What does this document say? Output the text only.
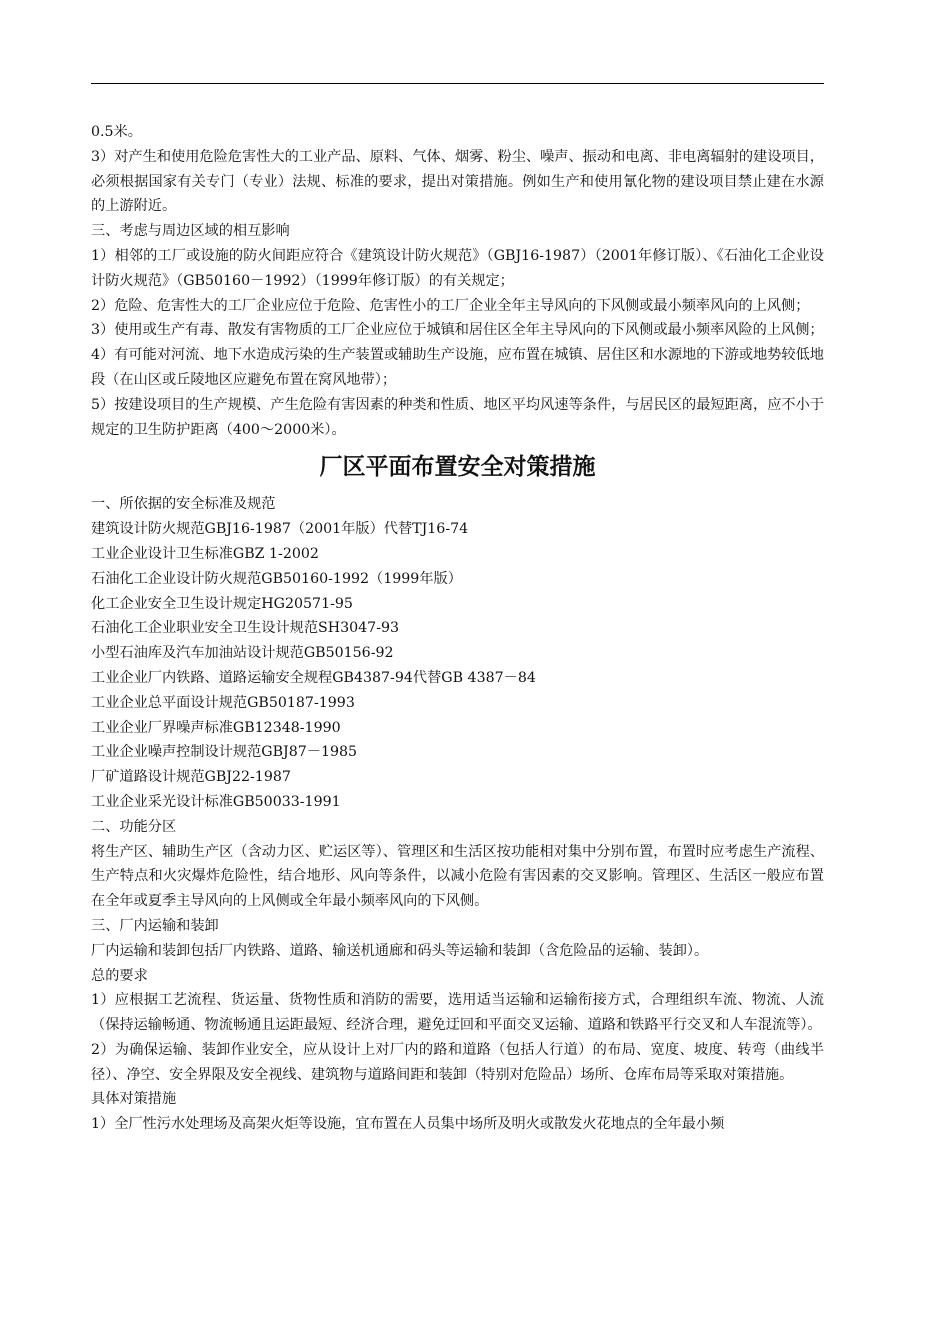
0.5米。

3）对产生和使用危险危害性大的工业产品、原料、气体、烟雾、粉尘、噪声、振动和电离、非电离辐射的建设项目，必须根据国家有关专门（专业）法规、标准的要求，提出对策措施。例如生产和使用氰化物的建设项目禁止建在水源的上游附近。

三、考虑与周边区域的相互影响

1）相邻的工厂或设施的防火间距应符合《建筑设计防火规范》（GBJ16-1987）（2001年修订版）、《石油化工企业设计防火规范》（GB50160－1992）（1999年修订版）的有关规定；

2）危险、危害性大的工厂企业应位于危险、危害性小的工厂企业全年主导风向的下风侧或最小频率风向的上风侧；

3）使用或生产有毒、散发有害物质的工厂企业应位于城镇和居住区全年主导风向的下风侧或最小频率风险的上风侧；

4）有可能对河流、地下水造成污染的生产装置或辅助生产设施，应布置在城镇、居住区和水源地的下游或地势较低地段（在山区或丘陵地区应避免布置在窝风地带）；

5）按建设项目的生产规模、产生危险有害因素的种类和性质、地区平均风速等条件，与居民区的最短距离，应不小于规定的卫生防护距离（400～2000米）。

厂区平面布置安全对策措施

一、所依据的安全标准及规范

建筑设计防火规范GBJ16-1987（2001年版）代替TJ16-74

工业企业设计卫生标准GBZ 1-2002

石油化工企业设计防火规范GB50160-1992（1999年版）

化工企业安全卫生设计规定HG20571-95

石油化工企业职业安全卫生设计规范SH3047-93

小型石油库及汽车加油站设计规范GB50156-92

工业企业厂内铁路、道路运输安全规程GB4387-94代替GB 4387－84

工业企业总平面设计规范GB50187-1993

工业企业厂界噪声标准GB12348-1990

工业企业噪声控制设计规范GBJ87－1985

厂矿道路设计规范GBJ22-1987

工业企业采光设计标准GB50033-1991

二、功能分区

将生产区、辅助生产区（含动力区、贮运区等）、管理区和生活区按功能相对集中分别布置，布置时应考虑生产流程、生产特点和火灾爆炸危险性，结合地形、风向等条件，以减小危险有害因素的交叉影响。管理区、生活区一般应布置在全年或夏季主导风向的上风侧或全年最小频率风向的下风侧。

三、厂内运输和装卸

厂内运输和装卸包括厂内铁路、道路、输送机通廊和码头等运输和装卸（含危险品的运输、装卸）。

总的要求

1）应根据工艺流程、货运量、货物性质和消防的需要，选用适当运输和运输衔接方式，合理组织车流、物流、人流（保持运输畅通、物流畅通且运距最短、经济合理，避免迂回和平面交叉运输、道路和铁路平行交叉和人车混流等）。

2）为确保运输、装卸作业安全，应从设计上对厂内的路和道路（包括人行道）的布局、宽度、坡度、转弯（曲线半径）、净空、安全界限及安全视线、建筑物与道路间距和装卸（特别对危险品）场所、仓库布局等采取对策措施。

具体对策措施

1）全厂性污水处理场及高架火炬等设施，宜布置在人员集中场所及明火或散发火花地点的全年最小频
